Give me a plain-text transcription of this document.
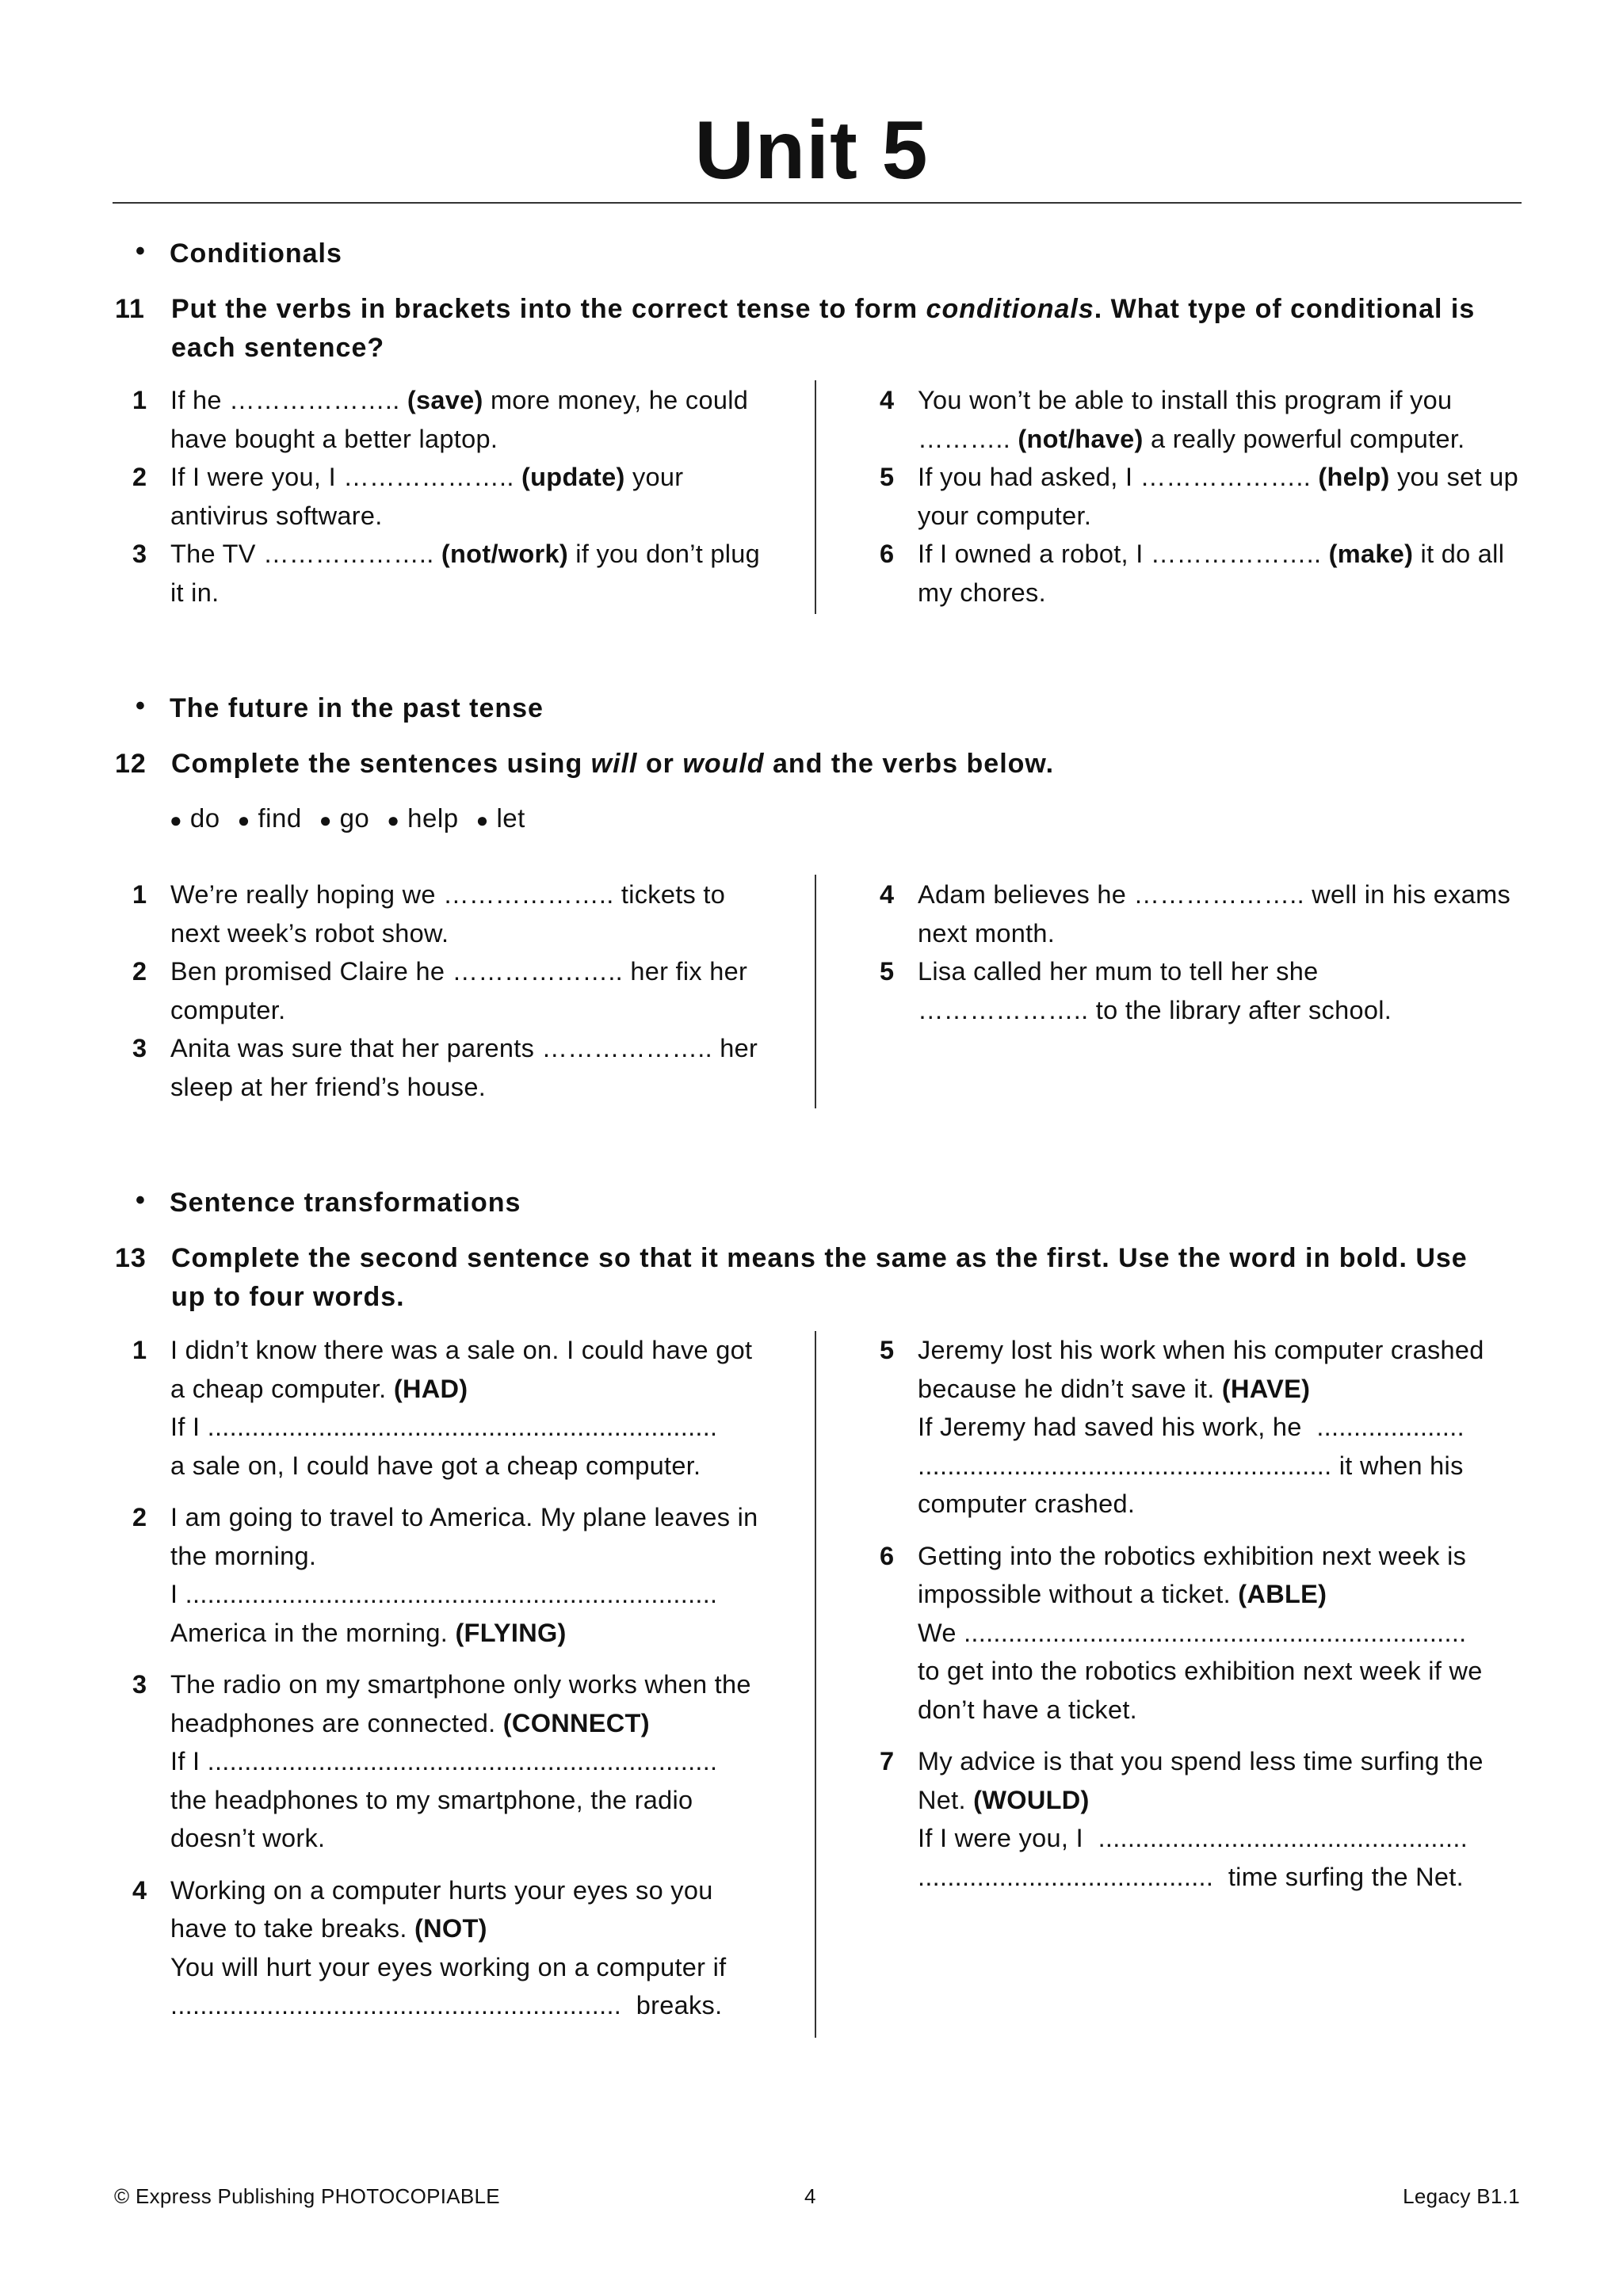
Unit 5
• Conditionals
11 Put the verbs in brackets into the correct tense to form conditionals. What type of conditional is each sentence?
1 If he ……………….. (save) more money, he could have bought a better laptop.
2 If I were you, I ……………….. (update) your antivirus software.
3 The TV ……………….. (not/work) if you don’t plug it in.
4 You won’t be able to install this program if you ……….. (not/have) a really powerful computer.
5 If you had asked, I ……………….. (help) you set up your computer.
6 If I owned a robot, I ……………….. (make) it do all my chores.
• The future in the past tense
12 Complete the sentences using will or would and the verbs below.
● do ● find ● go ● help ● let
1 We’re really hoping we ……………….. tickets to next week’s robot show.
2 Ben promised Claire he ……………….. her fix her computer.
3 Anita was sure that her parents ……………….. her sleep at her friend’s house.
4 Adam believes he ……………….. well in his exams next month.
5 Lisa called her mum to tell her she
……………….. to the library after school.
• Sentence transformations
13 Complete the second sentence so that it means the same as the first. Use the word in bold. Use up to four words.
1 I didn’t know there was a sale on. I could have got a cheap computer. (HAD)
If I .....................................................................
a sale on, I could have got a cheap computer.
2 I am going to travel to America. My plane leaves in the morning.
I ........................................................................
America in the morning. (FLYING)
3 The radio on my smartphone only works when the headphones are connected. (CONNECT)
If I .....................................................................
the headphones to my smartphone, the radio doesn’t work.
4 Working on a computer hurts your eyes so you have to take breaks. (NOT)
You will hurt your eyes working on a computer if
.............................................................  breaks.
5 Jeremy lost his work when his computer crashed because he didn’t save it. (HAVE)
If Jeremy had saved his work, he  ....................
........................................................ it when his computer crashed.
6 Getting into the robotics exhibition next week is impossible without a ticket. (ABLE)
We ....................................................................
to get into the robotics exhibition next week if we don’t have a ticket.
7 My advice is that you spend less time surfing the Net. (WOULD)
If I were you, I  ..................................................
........................................  time surfing the Net.
© Express Publishing PHOTOCOPIABLE	4	Legacy B1.1
